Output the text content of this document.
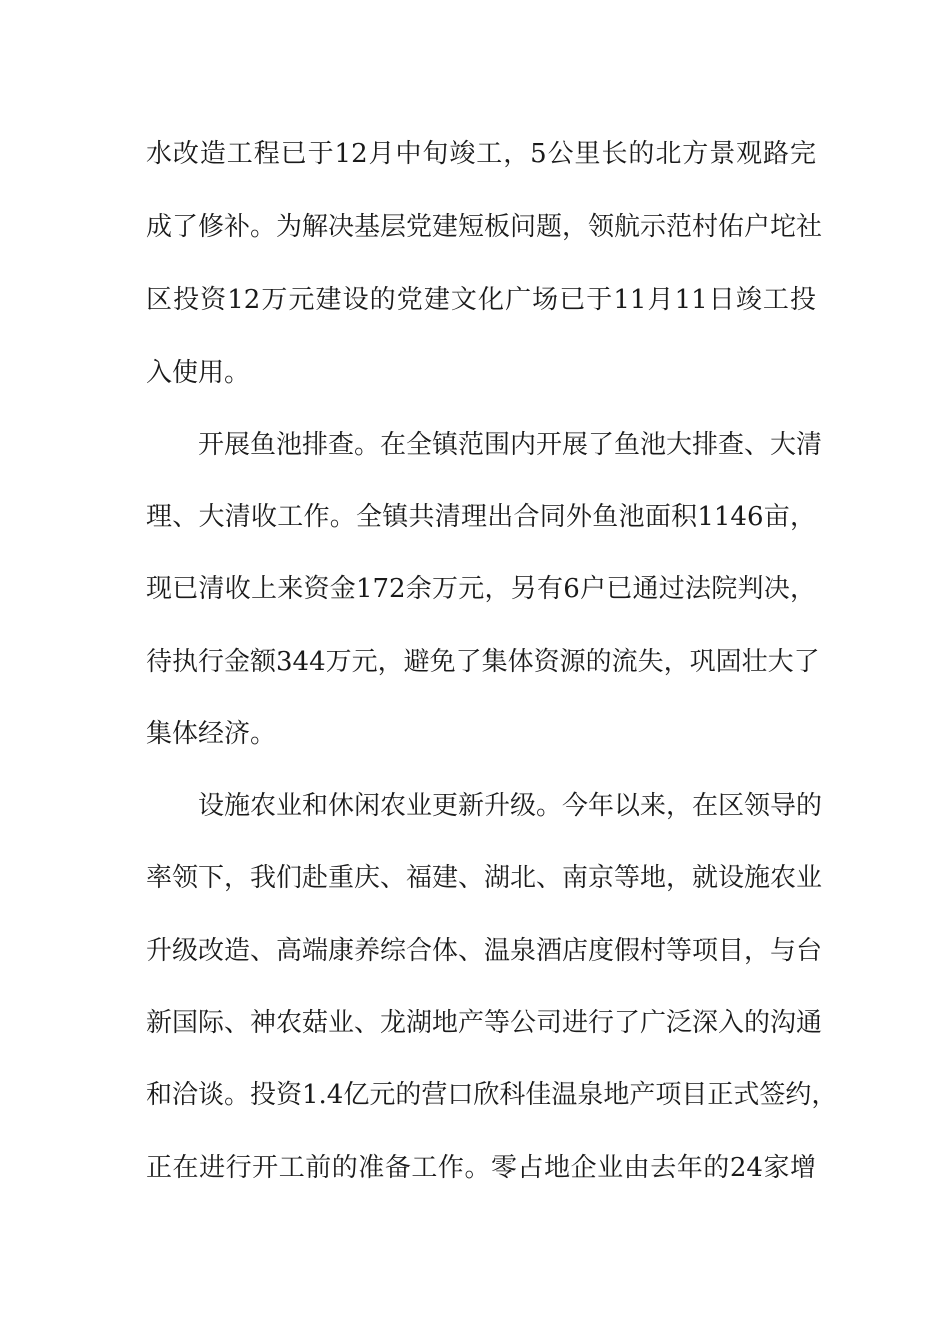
水改造工程已于12月中旬竣工，5公里长的北方景观路完

成了修补。为解决基层党建短板问题，领航示范村佑户坨社

区投资12万元建设的党建文化广场已于11月11日竣工投

入使用。

开展鱼池排查。在全镇范围内开展了鱼池大排查、大清

理、大清收工作。全镇共清理出合同外鱼池面积1146亩，

现已清收上来资金172余万元，另有6户已通过法院判决，

待执行金额344万元，避免了集体资源的流失，巩固壮大了

集体经济。

设施农业和休闲农业更新升级。今年以来，在区领导的

率领下，我们赴重庆、福建、湖北、南京等地，就设施农业

升级改造、高端康养综合体、温泉酒店度假村等项目，与台

新国际、神农菇业、龙湖地产等公司进行了广泛深入的沟通

和洽谈。投资1.4亿元的营口欣科佳温泉地产项目正式签约，

正在进行开工前的准备工作。零占地企业由去年的24家增
